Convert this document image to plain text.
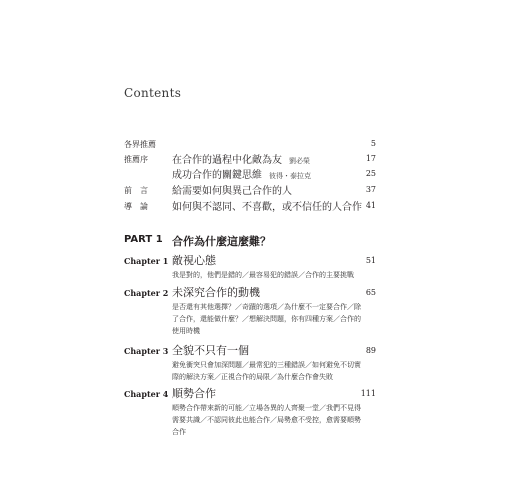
Contents
各界推薦	5
推薦序 在合作的過程中化敵為友 劉必榮	17
成功合作的關鍵思維 彼得・泰拉克	25
前　言 給需要如何與異己合作的人	37
導　論 如何與不認同、不喜歡，或不信任的人合作 41
PART 1 合作為什麼這麼難？
Chapter 1 敵視心態	51
我是對的，他們是錯的／最容易犯的錯誤／合作的主要挑戰
Chapter 2 未深究合作的動機	65
是否還有其他選擇？／奇蹟的選項／為什麼不一定要合作／除了合作，還能做什麼？／想解決問題，你有四種方案／合作的使用時機
Chapter 3 全貌不只有一個	89
避免衝突只會加深問題／最常犯的三種錯誤／如何避免不切實際的解決方案／正視合作的局限／為什麼合作會失敗
Chapter 4 順勢合作	111
順勢合作帶來新的可能／立場各異的人齊聚一堂／我們不見得需要共識／不認同彼此也能合作／局勢愈不受控，愈需要順勢合作
